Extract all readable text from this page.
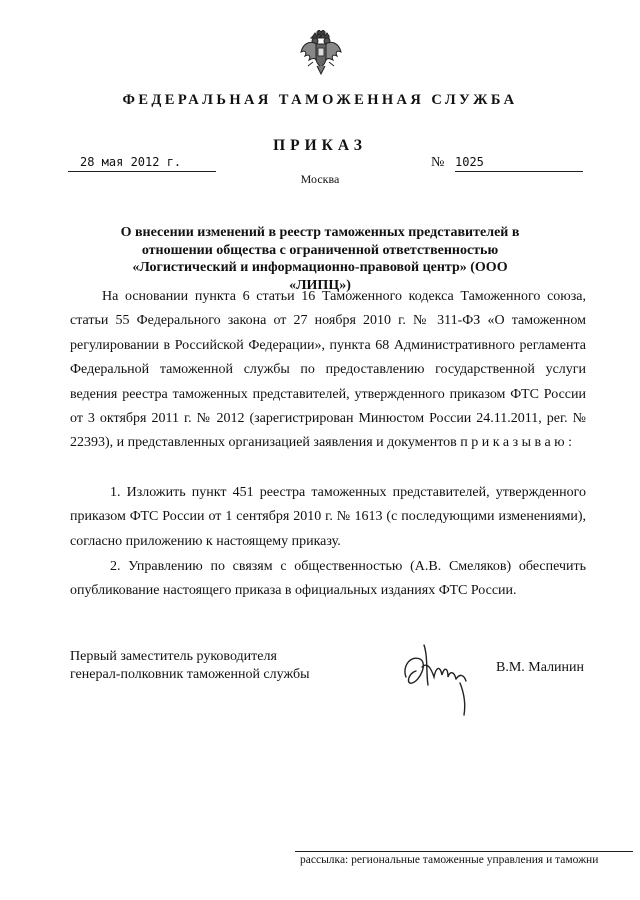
ФЕДЕРАЛЬНАЯ ТАМОЖЕННАЯ СЛУЖБА
ПРИКАЗ
28 мая 2012 г.	№ 1025
Москва
О внесении изменений в реестр таможенных представителей в отношении общества с ограниченной ответственностью «Логистический и информационно-правовой центр» (ООО «ЛИПЦ»)
На основании пункта 6 статьи 16 Таможенного кодекса Таможенного союза, статьи 55 Федерального закона от 27 ноября 2010 г. № 311-ФЗ «О таможенном регулировании в Российской Федерации», пункта 68 Административного регламента Федеральной таможенной службы по предоставлению государственной услуги ведения реестра таможенных представителей, утвержденного приказом ФТС России от 3 октября 2011 г. № 2012 (зарегистрирован Минюстом России 24.11.2011, рег. № 22393), и представленных организацией заявления и документов приказываю:
1. Изложить пункт 451 реестра таможенных представителей, утвержденного приказом ФТС России от 1 сентября 2010 г. № 1613 (с последующими изменениями), согласно приложению к настоящему приказу.
2. Управлению по связям с общественностью (А.В. Смеляков) обеспечить опубликование настоящего приказа в официальных изданиях ФТС России.
Первый заместитель руководителя
генерал-полковник таможенной службы	В.М. Малинин
рассылка: региональные таможенные управления и таможни
